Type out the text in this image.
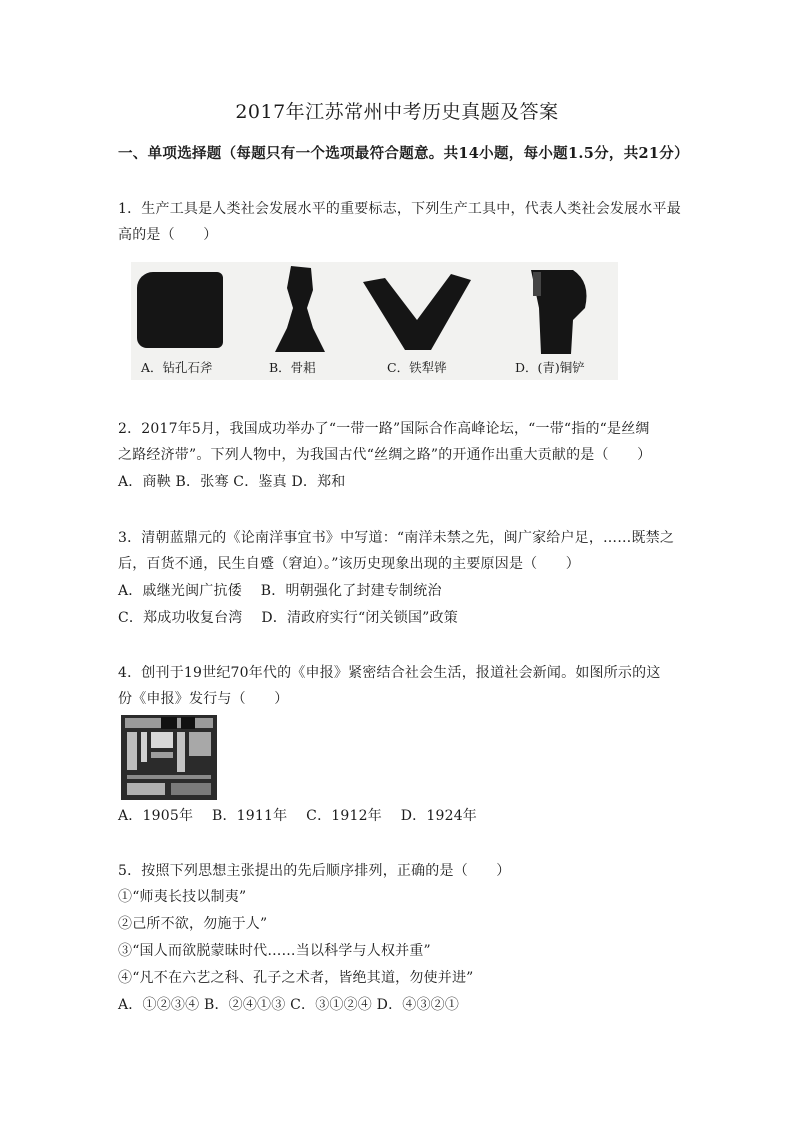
2017年江苏常州中考历史真题及答案
一、单项选择题（每题只有一个选项最符合题意。共14小题，每小题1.5分，共21分）
1．生产工具是人类社会发展水平的重要标志，下列生产工具中，代表人类社会发展水平最
高的是（　　）
A．钻孔石斧	B．骨耜	C．铁犁铧	D．(青)铜铲
2．2017年5月，我国成功举办了“一带一路”国际合作高峰论坛，“一带“指的“是丝绸
之路经济带”。下列人物中，为我国古代“丝绸之路”的开通作出重大贡献的是（　　）
A．商鞅 B．张骞 C．鉴真 D．郑和
3．清朝蓝鼎元的《论南洋事宜书》中写道：“南洋未禁之先，闽广家给户足，……既禁之
后，百货不通，民生自蹙（窘迫）。”该历史现象出现的主要原因是（　　）
A．戚继光闽广抗倭　 B．明朝强化了封建专制统治
C．郑成功收复台湾　 D．清政府实行“闭关锁国”政策
4．创刊于19世纪70年代的《申报》紧密结合社会生活，报道社会新闻。如图所示的这
份《申报》发行与（　　）
A．1905年　 B．1911年　 C．1912年　 D．1924年
5．按照下列思想主张提出的先后顺序排列，正确的是（　　）
①“师夷长技以制夷”
②己所不欲，勿施于人”
③“国人而欲脱蒙昧时代……当以科学与人权并重”
④“凡不在六艺之科、孔子之术者，皆绝其道，勿使并进”
A．①②③④ B．②④①③ C．③①②④ D．④③②①
